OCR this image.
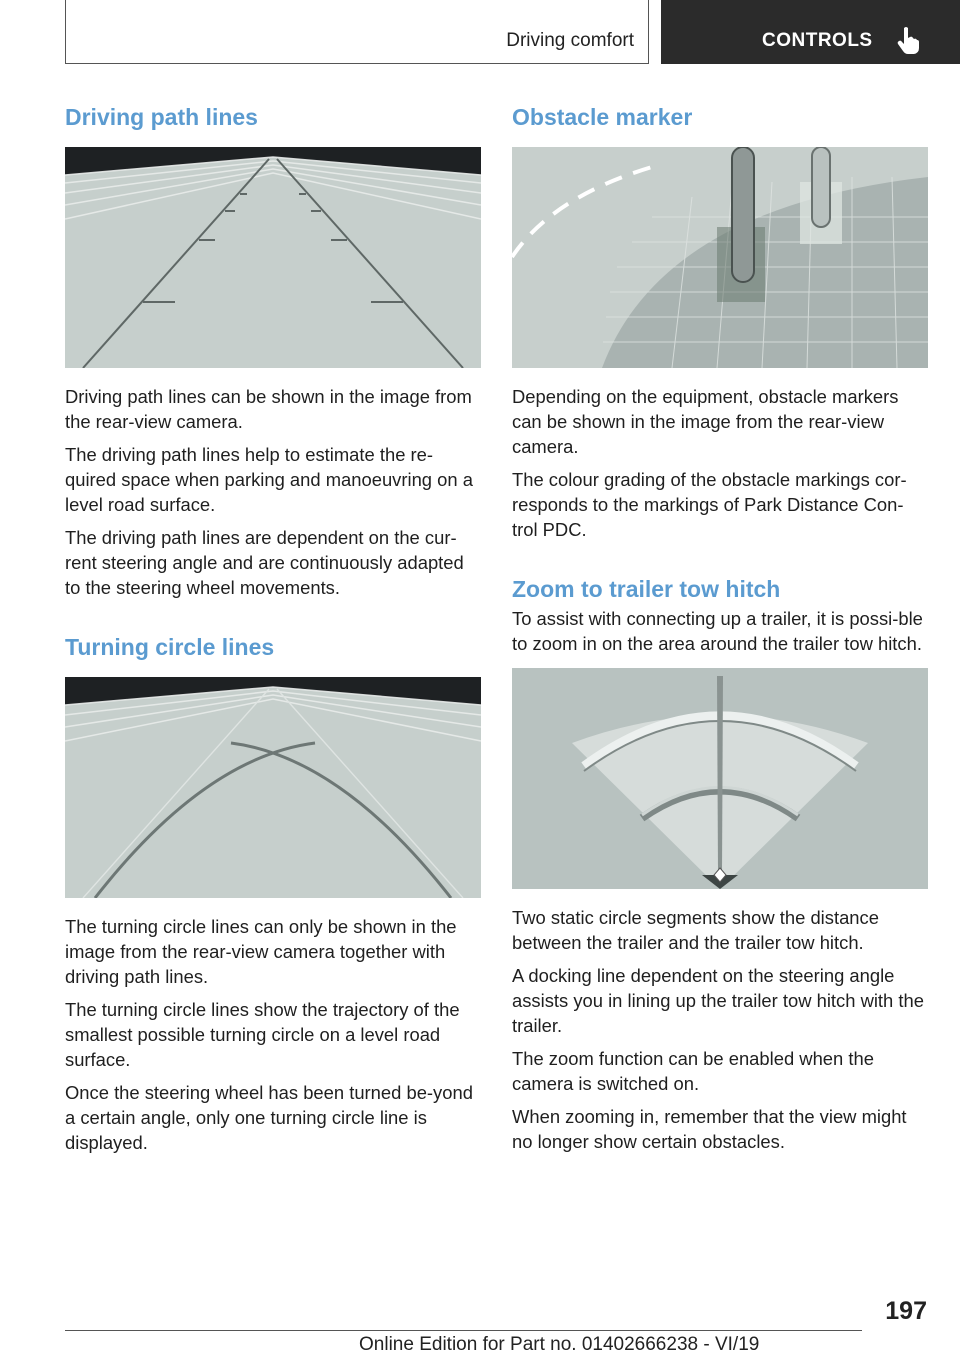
Driving comfort	CONTROLS
Driving path lines

Driving path lines can be shown in the image from the rear-view camera.

The driving path lines help to estimate the re-quired space when parking and manoeuvring on a level road surface.

The driving path lines are dependent on the cur-rent steering angle and are continuously adapted to the steering wheel movements.

Turning circle lines

The turning circle lines can only be shown in the image from the rear-view camera together with driving path lines.

The turning circle lines show the trajectory of the smallest possible turning circle on a level road surface.

Once the steering wheel has been turned be-yond a certain angle, only one turning circle line is displayed.

Obstacle marker

Depending on the equipment, obstacle markers can be shown in the image from the rear-view camera.

The colour grading of the obstacle markings cor-responds to the markings of Park Distance Con-trol PDC.

Zoom to trailer tow hitch

To assist with connecting up a trailer, it is possi-ble to zoom in on the area around the trailer tow hitch.

Two static circle segments show the distance between the trailer and the trailer tow hitch.

A docking line dependent on the steering angle assists you in lining up the trailer tow hitch with the trailer.

The zoom function can be enabled when the camera is switched on.

When zooming in, remember that the view might no longer show certain obstacles.

197
Online Edition for Part no. 01402666238 - VI/19
